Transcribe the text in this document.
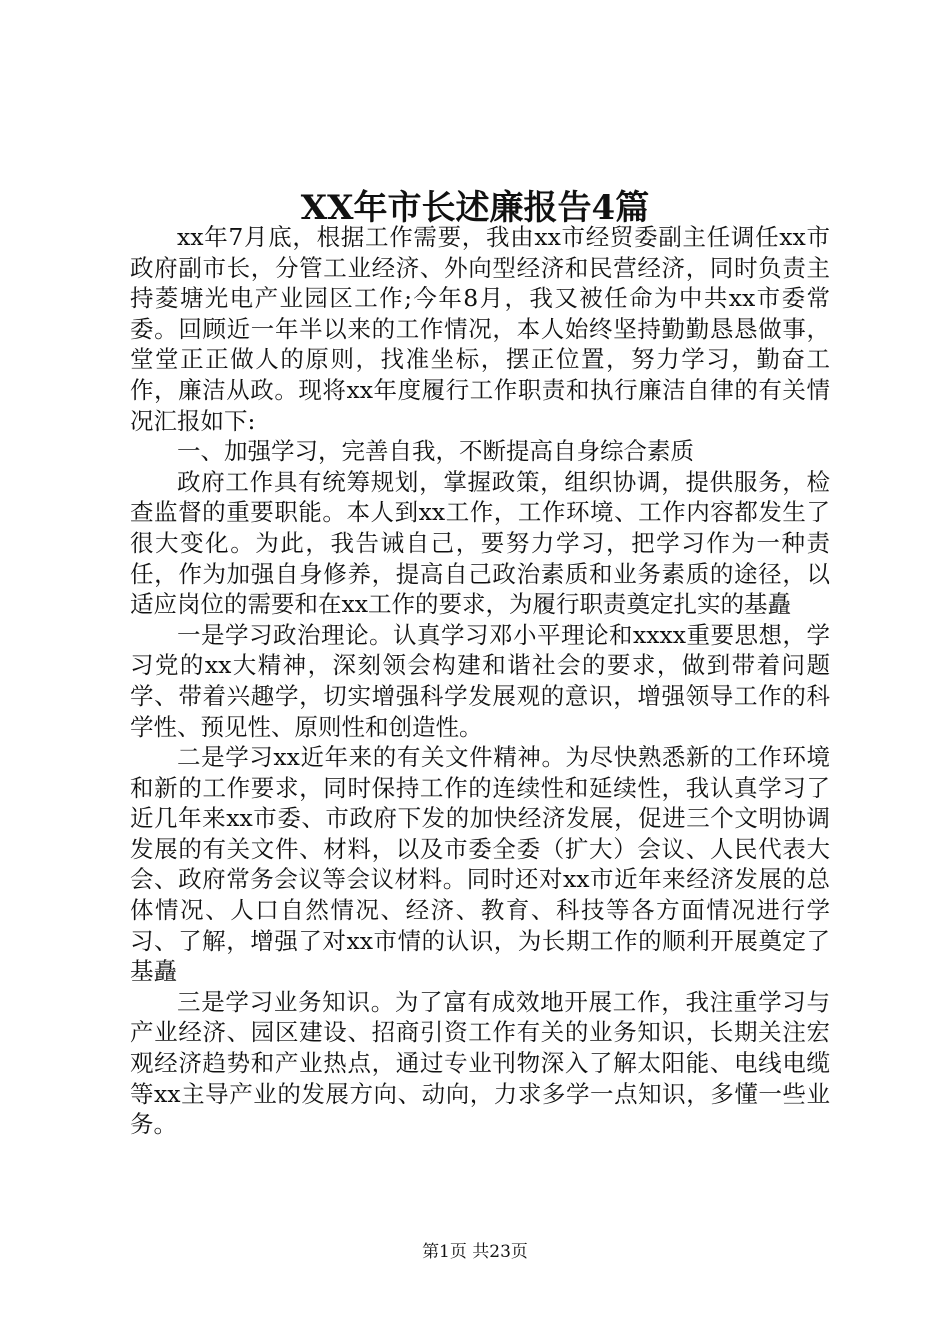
XX年市长述廉报告4篇

xx年7月底，根据工作需要，我由xx市经贸委副主任调任xx市政府副市长，分管工业经济、外向型经济和民营经济，同时负责主持菱塘光电产业园区工作;今年8月，我又被任命为中共xx市委常委。回顾近一年半以来的工作情况，本人始终坚持勤勤恳恳做事，堂堂正正做人的原则，找准坐标，摆正位置，努力学习，勤奋工作，廉洁从政。现将xx年度履行工作职责和执行廉洁自律的有关情况汇报如下:

一、加强学习，完善自我，不断提高自身综合素质

政府工作具有统筹规划，掌握政策，组织协调，提供服务，检查监督的重要职能。本人到xx工作，工作环境、工作内容都发生了很大变化。为此，我告诫自己，要努力学习，把学习作为一种责任，作为加强自身修养，提高自己政治素质和业务素质的途径，以适应岗位的需要和在xx工作的要求，为履行职责奠定扎实的基矗

一是学习政治理论。认真学习邓小平理论和xxxx重要思想，学习党的xx大精神，深刻领会构建和谐社会的要求，做到带着问题学、带着兴趣学，切实增强科学发展观的意识，增强领导工作的科学性、预见性、原则性和创造性。

二是学习xx近年来的有关文件精神。为尽快熟悉新的工作环境和新的工作要求，同时保持工作的连续性和延续性，我认真学习了近几年来xx市委、市政府下发的加快经济发展，促进三个文明协调发展的有关文件、材料，以及市委全委（扩大）会议、人民代表大会、政府常务会议等会议材料。同时还对xx市近年来经济发展的总体情况、人口自然情况、经济、教育、科技等各方面情况进行学习、了解，增强了对xx市情的认识，为长期工作的顺利开展奠定了基矗

三是学习业务知识。为了富有成效地开展工作，我注重学习与产业经济、园区建设、招商引资工作有关的业务知识，长期关注宏观经济趋势和产业热点，通过专业刊物深入了解太阳能、电线电缆等xx主导产业的发展方向、动向，力求多学一点知识，多懂一些业务。

第1页 共23页
